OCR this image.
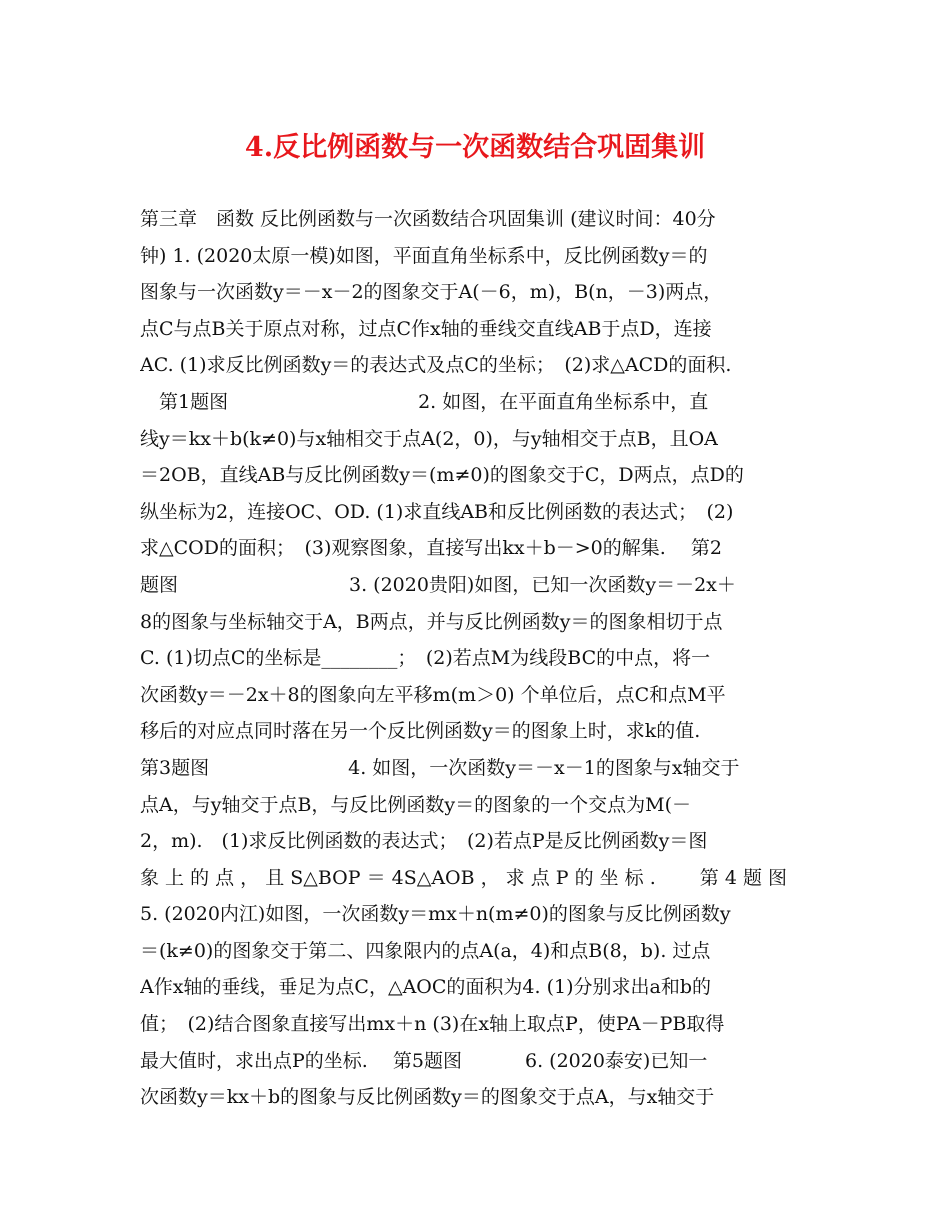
4.反比例函数与一次函数结合巩固集训
第三章　函数 反比例函数与一次函数结合巩固集训 (建议时间：40分
钟) 1. (2020太原一模)如图，平面直角坐标系中，反比例函数y＝的
图象与一次函数y＝－x－2的图象交于A(－6，m)，B(n，－3)两点，
点C与点B关于原点对称，过点C作x轴的垂线交直线AB于点D，连接
AC. (1)求反比例函数y＝的表达式及点C的坐标；　(2)求△ACD的面积.
　第1题图　　　　　　　　　　2. 如图，在平面直角坐标系中，直
线y＝kx＋b(k≠0)与x轴相交于点A(2，0)，与y轴相交于点B，且OA
＝2OB，直线AB与反比例函数y＝(m≠0)的图象交于C，D两点，点D的
纵坐标为2，连接OC、OD. (1)求直线AB和反比例函数的表达式；　(2)
求△COD的面积；　(3)观察图象，直接写出kx＋b－>0的解集.　 第2
题图　　　　　　　　　3. (2020贵阳)如图，已知一次函数y＝－2x＋
8的图象与坐标轴交于A，B两点，并与反比例函数y＝的图象相切于点
C. (1)切点C的坐标是________；　(2)若点M为线段BC的中点，将一
次函数y＝－2x＋8的图象向左平移m(m＞0) 个单位后，点C和点M平
移后的对应点同时落在另一个反比例函数y＝的图象上时，求k的值.
第3题图　　　　　　　 4. 如图，一次函数y＝－x－1的图象与x轴交于
点A，与y轴交于点B，与反比例函数y＝的图象的一个交点为M(－
2，m).　(1)求反比例函数的表达式；　(2)若点P是反比例函数y＝图
象 上 的 点 ， 且 S△BOP ＝ 4S△AOB ， 求 点 P 的 坐 标 .　　 第 4 题 图
5. (2020内江)如图，一次函数y＝mx＋n(m≠0)的图象与反比例函数y
＝(k≠0)的图象交于第二、四象限内的点A(a，4)和点B(8，b). 过点
A作x轴的垂线，垂足为点C，△AOC的面积为4. (1)分别求出a和b的
值；　(2)结合图象直接写出mx＋n (3)在x轴上取点P，使PA－PB取得
最大值时，求出点P的坐标.　 第5题图　　　 6. (2020泰安)已知一
次函数y＝kx＋b的图象与反比例函数y＝的图象交于点A，与x轴交于
